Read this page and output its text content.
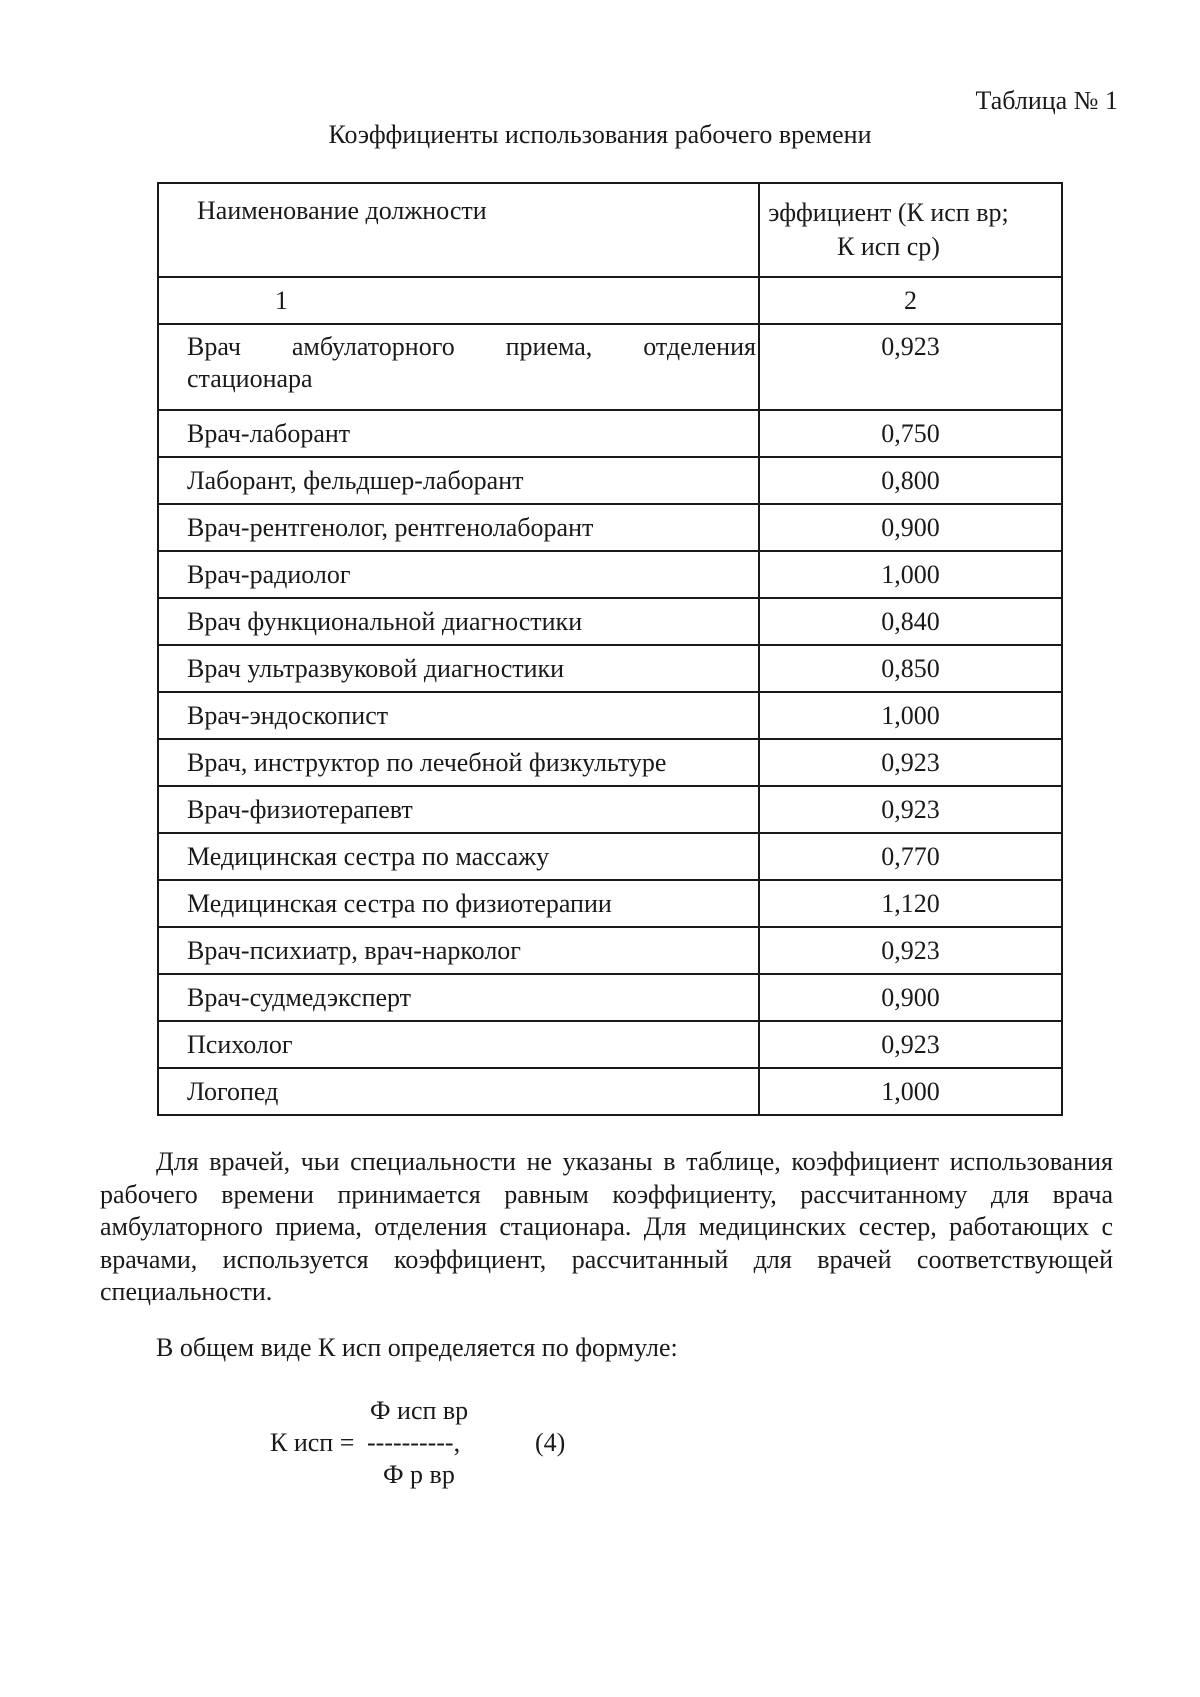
Таблица № 1
Коэффициенты использования рабочего времени
Наименование должности	эффициент (К исп вр;
К исп ср)

1	2

Врач амбулаторного приема, отделения
стационара	0,923
Врач-лаборант	0,750
Лаборант, фельдшер-лаборант	0,800
Врач-рентгенолог, рентгенолаборант	0,900
Врач-радиолог	1,000
Врач функциональной диагностики	0,840
Врач ультразвуковой диагностики	0,850
Врач-эндоскопист	1,000
Врач, инструктор по лечебной физкультуре	0,923
Врач-физиотерапевт	0,923
Медицинская сестра по массажу	0,770
Медицинская сестра по физиотерапии	1,120
Врач-психиатр, врач-нарколог	0,923
Врач-судмедэксперт	0,900
Психолог	0,923
Логопед	1,000

Для врачей, чьи специальности не указаны в таблице, коэффициент использования рабочего времени принимается равным коэффициенту, рассчитанному для врача амбулаторного приема, отделения стационара. Для медицинских сестер, работающих с врачами, используется коэффициент, рассчитанный для врачей соответствующей специальности.

В общем виде К исп определяется по формуле:

Ф исп вр
К исп = ----------,	(4)
Ф р вр
